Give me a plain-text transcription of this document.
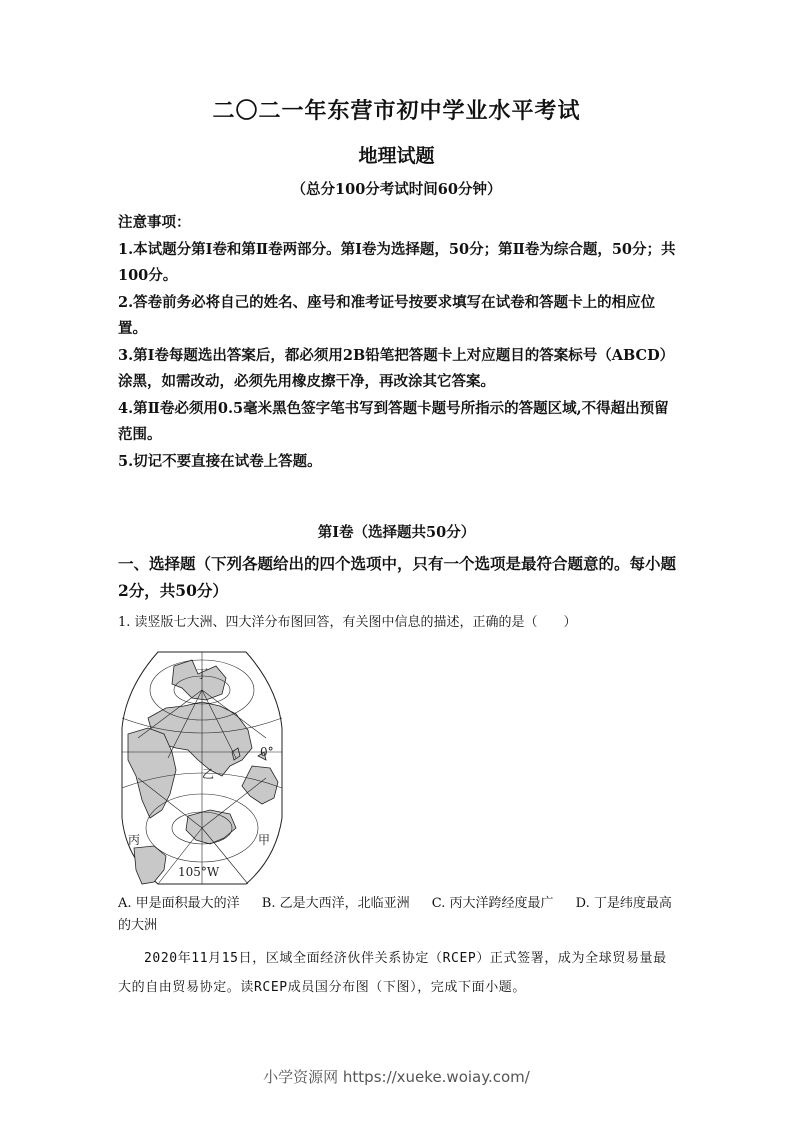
二〇二一年东营市初中学业水平考试
地理试题
（总分100分考试时间60分钟）

注意事项：

1.本试题分第Ⅰ卷和第Ⅱ卷两部分。第Ⅰ卷为选择题，50分；第Ⅱ卷为综合题，50分；共100分。

2.答卷前务必将自己的姓名、座号和准考证号按要求填写在试卷和答题卡上的相应位置。

3.第Ⅰ卷每题选出答案后，都必须用2B铅笔把答题卡上对应题目的答案标号（ABCD）涂黑，如需改动，必须先用橡皮擦干净，再改涂其它答案。

4.第Ⅱ卷必须用0.5毫米黑色签字笔书写到答题卡题号所指示的答题区域,不得超出预留范围。

5.切记不要直接在试卷上答题。

第Ⅰ卷（选择题共50分）
一、选择题（下列各题给出的四个选项中，只有一个选项是最符合题意的。每小题2分，共50分）
1. 读竖版七大洲、四大洋分布图回答，有关图中信息的描述，正确的是（　　）
丁
乙
丙	甲
0°
105°W
A. 甲是面积最大的洋 B. 乙是大西洋，北临亚洲 C. 丙大洋跨经度最广 D. 丁是纬度最高的大洲

2020年11月15日，区域全面经济伙伴关系协定（RCEP）正式签署，成为全球贸易量最大的自由贸易协定。读RCEP成员国分布图（下图），完成下面小题。

小学资源网 https://xueke.woiay.com/
